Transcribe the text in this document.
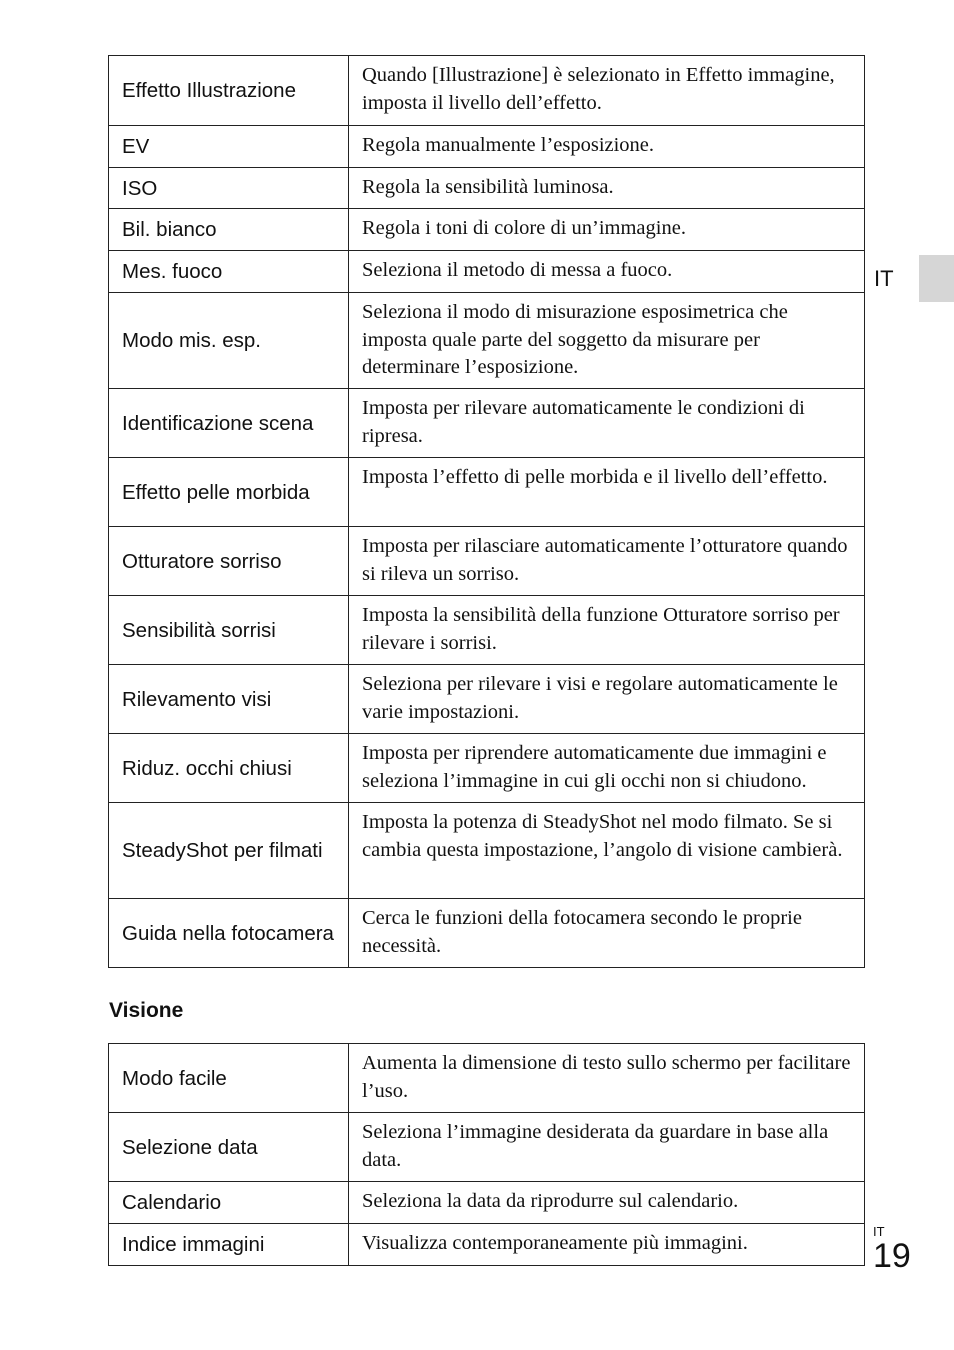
Effetto Illustrazione	Quando [Illustrazione] è selezionato in Effetto immagine, imposta il livello dell’effetto.
EV	Regola manualmente l’esposizione.
ISO	Regola la sensibilità luminosa.
Bil. bianco	Regola i toni di colore di un’immagine.
Mes. fuoco	Seleziona il metodo di messa a fuoco.
Modo mis. esp.	Seleziona il modo di misurazione esposimetrica che imposta quale parte del soggetto da misurare per determinare l’esposizione.
Identificazione scena	Imposta per rilevare automaticamente le condizioni di ripresa.
Effetto pelle morbida	Imposta l’effetto di pelle morbida e il livello dell’effetto.
Otturatore sorriso	Imposta per rilasciare automaticamente l’otturatore quando si rileva un sorriso.
Sensibilità sorrisi	Imposta la sensibilità della funzione Otturatore sorriso per rilevare i sorrisi.
Rilevamento visi	Seleziona per rilevare i visi e regolare automaticamente le varie impostazioni.
Riduz. occhi chiusi	Imposta per riprendere automaticamente due immagini e seleziona l’immagine in cui gli occhi non si chiudono.
SteadyShot per filmati	Imposta la potenza di SteadyShot nel modo filmato. Se si cambia questa impostazione, l’angolo di visione cambierà.
Guida nella fotocamera	Cerca le funzioni della fotocamera secondo le proprie necessità.
Visione
Modo facile	Aumenta la dimensione di testo sullo schermo per facilitare l’uso.
Selezione data	Seleziona l’immagine desiderata da guardare in base alla data.
Calendario	Seleziona la data da riprodurre sul calendario.
Indice immagini	Visualizza contemporaneamente più immagini.
IT
IT
19
